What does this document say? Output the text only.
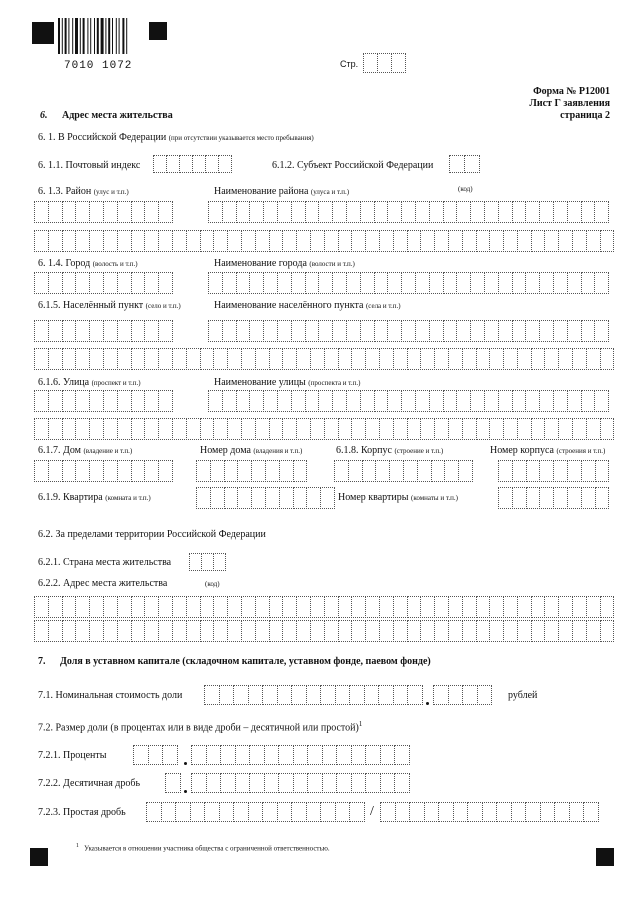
7010 1072	Стр.
Форма № Р12001
Лист Г заявления
страница 2
6. Адрес места жительства
6. 1. В Российской Федерации (при отсутствии указывается место пребывания)
6. 1.1. Почтовый индекс	6.1.2. Субъект Российской Федерации
(код)
6. 1.3. Район (улус и т.п.)	Наименование района (улуса и т.п.)
6. 1.4. Город (волость и т.п.)	Наименование города (волости и т.п.)
6.1.5. Населённый пункт (село и т.п.)	Наименование населённого пункта (села и т.п.)
6.1.6. Улица (проспект и т.п.)	Наименование улицы (проспекта и т.п.)
6.1.7. Дом (владение и т.п.)	Номер дома (владения и т.п.)	6.1.8. Корпус (строение и т.п.)	Номер корпуса (строения и т.п.)
6.1.9. Квартира (комната и т.п.)	Номер квартиры (комнаты и т.п.)
6.2. За пределами территории Российской Федерации
6.2.1. Страна места жительства
6.2.2. Адрес места жительства	(код)
7. Доля в уставном капитале (складочном капитале, уставном фонде, паевом фонде)
7.1. Номинальная стоимость доли	рублей
7.2. Размер доли (в процентах или в виде дроби – десятичной или простой)$^1$
7.2.1. Проценты
7.2.2. Десятичная дробь
7.2.3. Простая дробь	/
$^1$ Указывается в отношении участника общества с ограниченной ответственностью.
